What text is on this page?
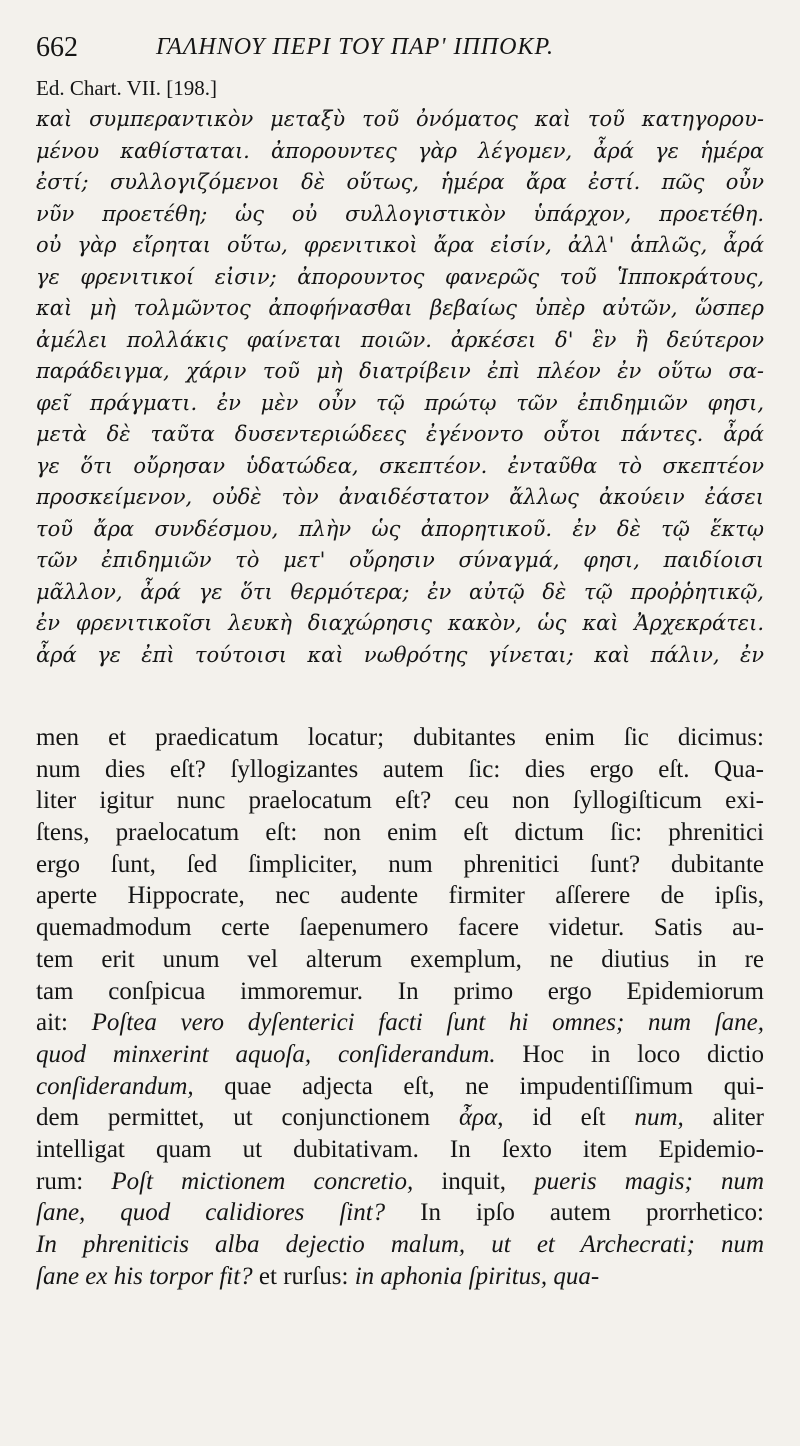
662	ΓΑΛΗΝΟΥ ΠΕΡΙ ΤΟΥ ΠΑΡ' ΙΠΠΟΚΡ.
Ed. Chart. VII. [198.]
καὶ συμπεραντικὸν μεταξὺ τοῦ ὀνόματος καὶ τοῦ κατηγορου-
μένου καθίσταται. ἀπορουντες γὰρ λέγομεν, ἆρά γε ἡμέρα
ἐστί; συλλογιζόμενοι δὲ οὕτως, ἡμέρα ἄρα ἐστί. πῶς οὖν
νῦν προετέθη; ὡς οὐ συλλογιστικὸν ὑπάρχον, προετέθη.
οὐ γὰρ εἴρηται οὕτω, φρενιτικοὶ ἄρα εἰσίν, ἀλλ' ἁπλῶς, ἆρά
γε φρενιτικοί εἰσιν; ἀπορουντος φανερῶς τοῦ Ἱπποκράτους,
καὶ μὴ τολμῶντος ἀποφήνασθαι βεβαίως ὑπὲρ αὐτῶν, ὥσπερ
ἀμέλει πολλάκις φαίνεται ποιῶν. ἀρκέσει δ' ἓν ἢ δεύτερον
παράδειγμα, χάριν τοῦ μὴ διατρίβειν ἐπὶ πλέον ἐν οὕτω σα-
φεῖ πράγματι. ἐν μὲν οὖν τῷ πρώτῳ τῶν ἐπιδημιῶν φησι,
μετὰ δὲ ταῦτα δυσεντεριώδεες ἐγένοντο οὗτοι πάντες. ἆρά
γε ὅτι οὔρησαν ὑδατώδεα, σκεπτέον. ἐνταῦθα τὸ σκεπτέον
προσκείμενον, οὐδὲ τὸν ἀναιδέστατον ἄλλως ἀκούειν ἐάσει
τοῦ ἄρα συνδέσμου, πλὴν ὡς ἀπορητικοῦ. ἐν δὲ τῷ ἕκτῳ
τῶν ἐπιδημιῶν τὸ μετ' οὔρησιν σύναγμά, φησι, παιδίοισι
μᾶλλον, ἆρά γε ὅτι θερμότερα; ἐν αὐτῷ δὲ τῷ προῤῥητικῷ,
ἐν φρενιτικοῖσι λευκὴ διαχώρησις κακὸν, ὡς καὶ Ἀρχεκράτει.
ἆρά γε ἐπὶ τούτοισι καὶ νωθρότης γίνεται; καὶ πάλιν, ἐν
men et praedicatum locatur; dubitantes enim ſic dicimus:
num dies eſt? ſyllogizantes autem ſic: dies ergo eſt. Qua-
liter igitur nunc praelocatum eſt? ceu non ſyllogiſticum exi-
ſtens, praelocatum eſt: non enim eſt dictum ſic: phrenitici
ergo ſunt, ſed ſimpliciter, num phrenitici ſunt? dubitante
aperte Hippocrate, nec audente firmiter aſſerere de ipſis,
quemadmodum certe ſaepenumero facere videtur. Satis au-
tem erit unum vel alterum exemplum, ne diutius in re
tam conſpicua immoremur. In primo ergo Epidemiorum
ait: Poſtea vero dyſenterici facti ſunt hi omnes; num ſane,
quod minxerint aquoſa, conſiderandum. Hoc in loco dictio
conſiderandum, quae adjecta eſt, ne impudentiſſimum qui-
dem permittet, ut conjunctionem ἆρα, id eſt num, aliter
intelligat quam ut dubitativam. In ſexto item Epidemio-
rum: Poſt mictionem concretio, inquit, pueris magis; num
ſane, quod calidiores ſint? In ipſo autem prorrhetico:
In phreniticis alba dejectio malum, ut et Archecrati; num
ſane ex his torpor fit? et rurſus: in aphonia ſpiritus, qua-
